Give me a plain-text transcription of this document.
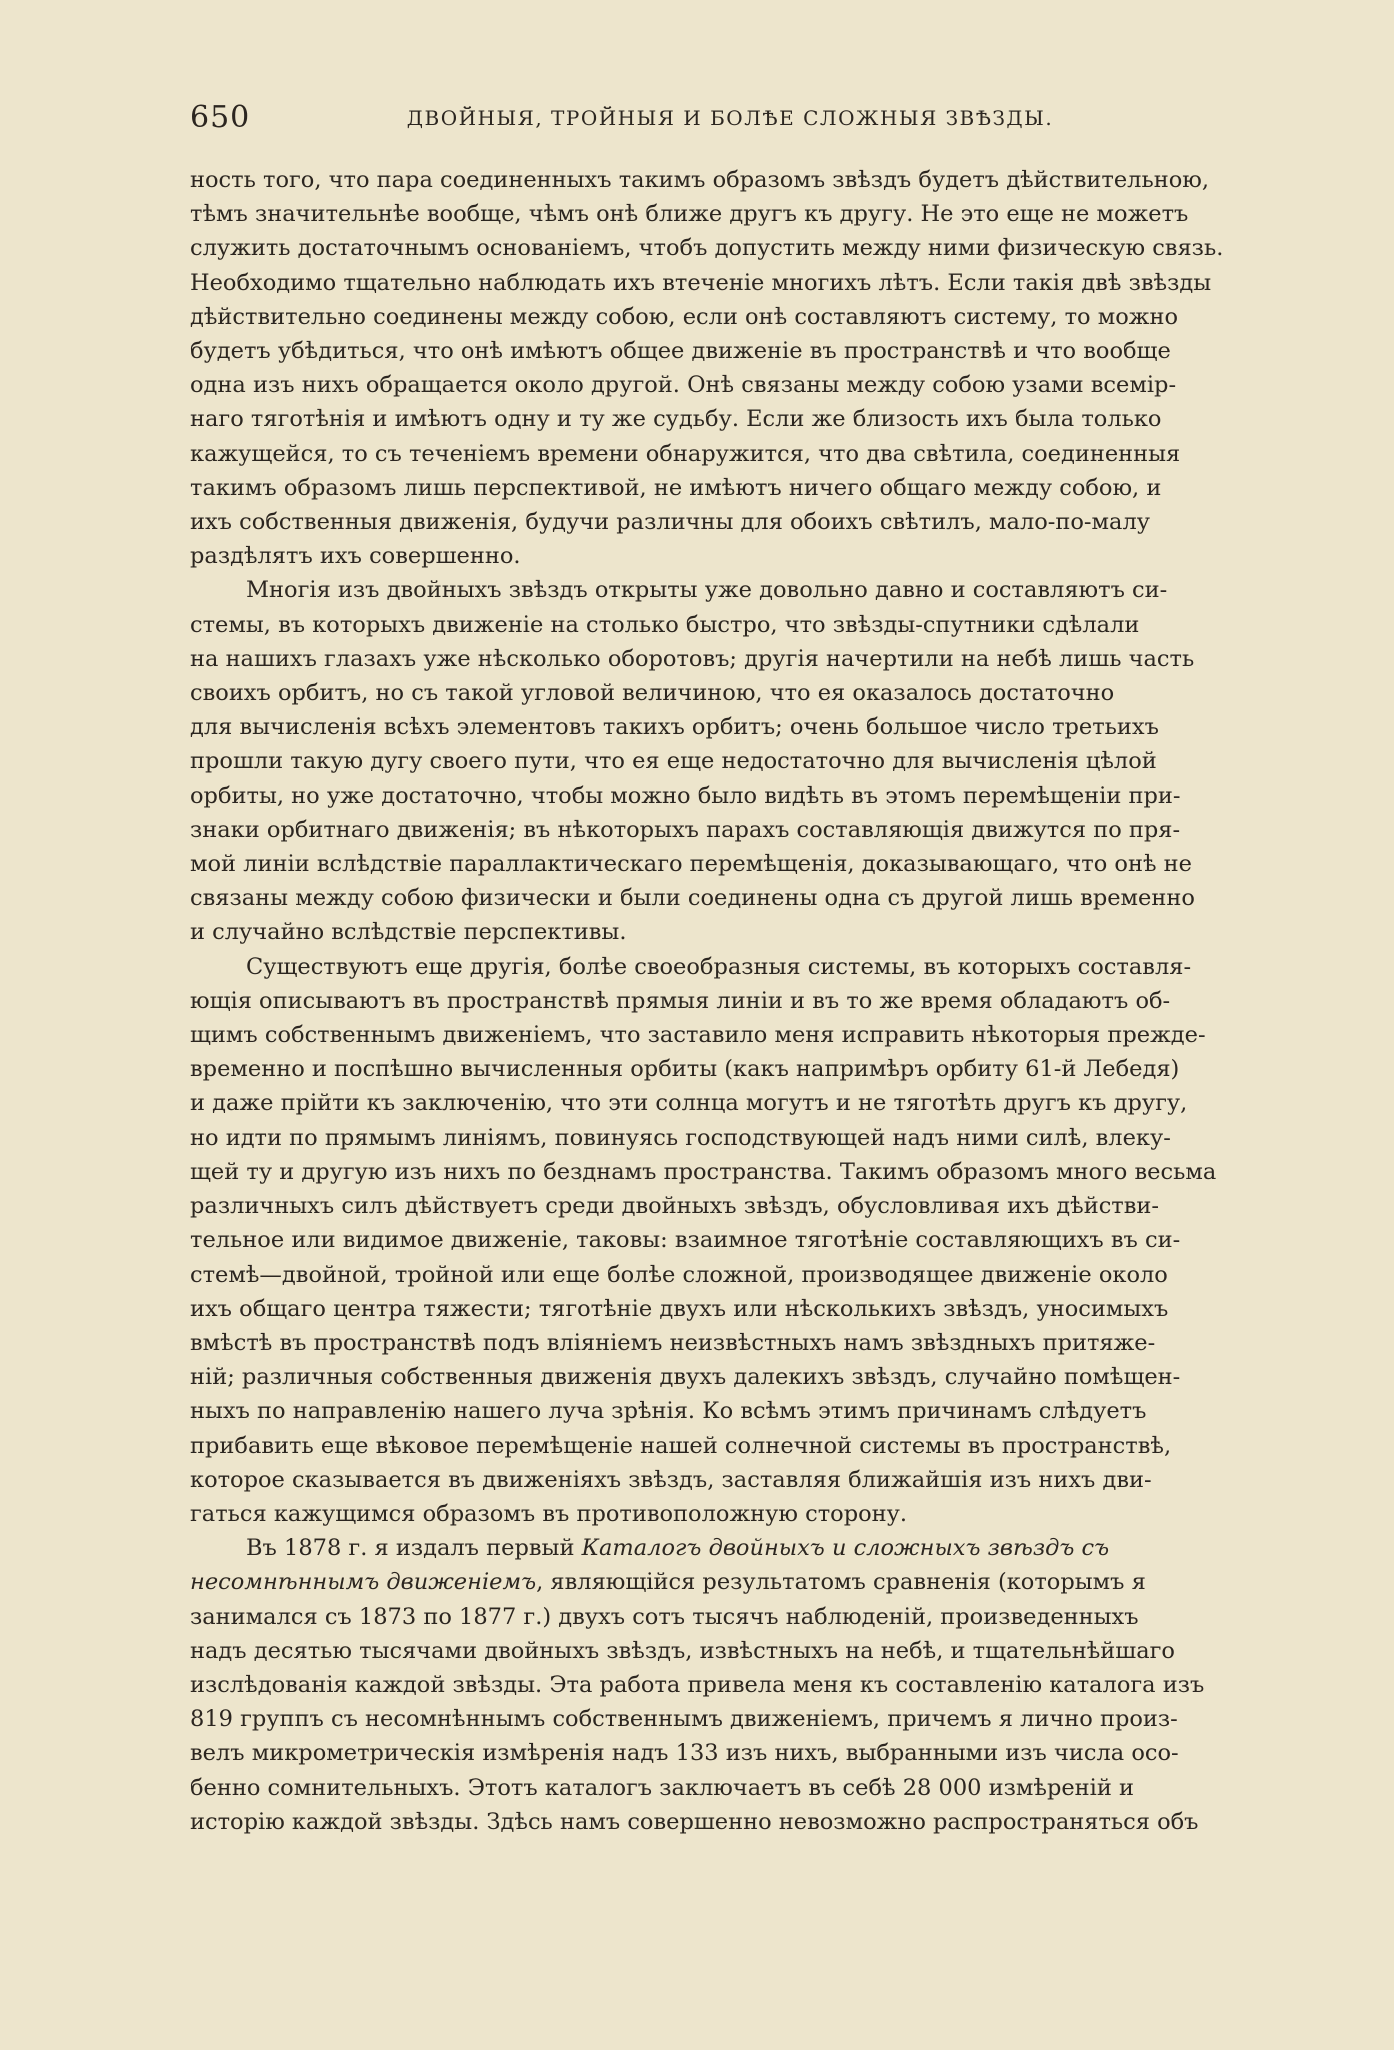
650	ДВОЙНЫЯ, ТРОЙНЫЯ И БОЛѢЕ СЛОЖНЫЯ ЗВѢЗДЫ.

ность того, что пара соединенныхъ такимъ образомъ звѣздъ будетъ дѣйствительною,
тѣмъ значительнѣе вообще, чѣмъ онѣ ближе другъ къ другу. Не это еще не можетъ
служить достаточнымъ основаніемъ, чтобъ допустить между ними физическую связь.
Необходимо тщательно наблюдать ихъ втеченіе многихъ лѣтъ. Если такія двѣ звѣзды
дѣйствительно соединены между собою, если онѣ составляютъ систему, то можно
будетъ убѣдиться, что онѣ имѣютъ общее движеніе въ пространствѣ и что вообще
одна изъ нихъ обращается около другой. Онѣ связаны между собою узами всемір-
наго тяготѣнія и имѣютъ одну и ту же судьбу. Если же близость ихъ была только
кажущейся, то съ теченіемъ времени обнаружится, что два свѣтила, соединенныя
такимъ образомъ лишь перспективой, не имѣютъ ничего общаго между собою, и
ихъ собственныя движенія, будучи различны для обоихъ свѣтилъ, мало-по-малу
раздѣлятъ ихъ совершенно.

Многія изъ двойныхъ звѣздъ открыты уже довольно давно и составляютъ си-
стемы, въ которыхъ движеніе на столько быстро, что звѣзды-спутники сдѣлали
на нашихъ глазахъ уже нѣсколько оборотовъ; другія начертили на небѣ лишь часть
своихъ орбитъ, но съ такой угловой величиною, что ея оказалось достаточно
для вычисленія всѣхъ элементовъ такихъ орбитъ; очень большое число третьихъ
прошли такую дугу своего пути, что ея еще недостаточно для вычисленія цѣлой
орбиты, но уже достаточно, чтобы можно было видѣть въ этомъ перемѣщеніи при-
знаки орбитнаго движенія; въ нѣкоторыхъ парахъ составляющія движутся по пря-
мой линіи вслѣдствіе параллактическаго перемѣщенія, доказывающаго, что онѣ не
связаны между собою физически и были соединены одна съ другой лишь временно
и случайно вслѣдствіе перспективы.

Существуютъ еще другія, болѣе своеобразныя системы, въ которыхъ составля-
ющія описываютъ въ пространствѣ прямыя линіи и въ то же время обладаютъ об-
щимъ собственнымъ движеніемъ, что заставило меня исправить нѣкоторыя прежде-
временно и поспѣшно вычисленныя орбиты (какъ напримѣръ орбиту 61-й Лебедя)
и даже прійти къ заключенію, что эти солнца могутъ и не тяготѣть другъ къ другу,
но идти по прямымъ линіямъ, повинуясь господствующей надъ ними силѣ, влеку-
щей ту и другую изъ нихъ по безднамъ пространства. Такимъ образомъ много весьма
различныхъ силъ дѣйствуетъ среди двойныхъ звѣздъ, обусловливая ихъ дѣйстви-
тельное или видимое движеніе, таковы: взаимное тяготѣніе составляющихъ въ си-
стемѣ—двойной, тройной или еще болѣе сложной, производящее движеніе около
ихъ общаго центра тяжести; тяготѣніе двухъ или нѣсколькихъ звѣздъ, уносимыхъ
вмѣстѣ въ пространствѣ подъ вліяніемъ неизвѣстныхъ намъ звѣздныхъ притяже-
ній; различныя собственныя движенія двухъ далекихъ звѣздъ, случайно помѣщен-
ныхъ по направленію нашего луча зрѣнія. Ко всѣмъ этимъ причинамъ слѣдуетъ
прибавить еще вѣковое перемѣщеніе нашей солнечной системы въ пространствѣ,
которое сказывается въ движеніяхъ звѣздъ, заставляя ближайшія изъ нихъ дви-
гаться кажущимся образомъ въ противоположную сторону.

Въ 1878 г. я издалъ первый Каталогъ двойныхъ и сложныхъ звѣздъ съ
несомнѣннымъ движеніемъ, являющійся результатомъ сравненія (которымъ я
занимался съ 1873 по 1877 г.) двухъ сотъ тысячъ наблюденій, произведенныхъ
надъ десятью тысячами двойныхъ звѣздъ, извѣстныхъ на небѣ, и тщательнѣйшаго
изслѣдованія каждой звѣзды. Эта работа привела меня къ составленію каталога изъ
819 группъ съ несомнѣннымъ собственнымъ движеніемъ, причемъ я лично произ-
велъ микрометрическія измѣренія надъ 133 изъ нихъ, выбранными изъ числа осо-
бенно сомнительныхъ. Этотъ каталогъ заключаетъ въ себѣ 28 000 измѣреній и
исторію каждой звѣзды. Здѣсь намъ совершенно невозможно распространяться объ
